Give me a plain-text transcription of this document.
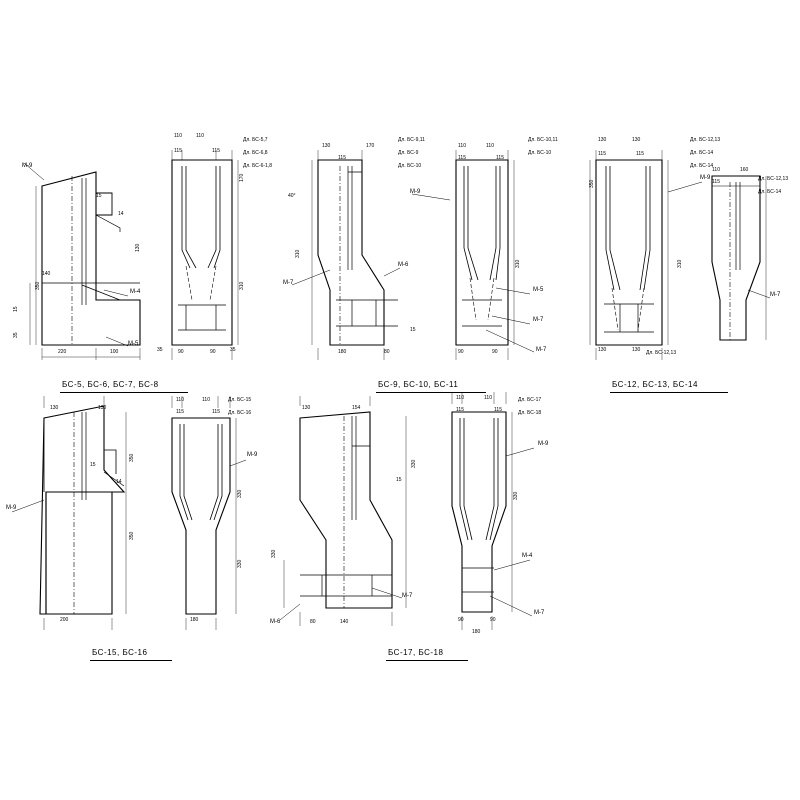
БС-5, БС-6, БС-7, БС-8	БС-9, БС-10, БС-11	БС-12, БС-13, БС-14
БС-15, БС-16	БС-17, БС-18
М-9
М-4
М-5
М-7
М-6
М-9
М-5
М-7
М-7
М-9
М-7
М-9
М-9
М-9
М-7
М-6
М-4
М-7
Дл. БС-5,7
Дл. БС-6,8
Дл. БС-6-1,8
Дл. БС-9,11
Дл. БС-9
Дл. БС-10
Дл. БС-10,11
Дл. БС-10
Дл. БС-12,13
Дл. БС-14
Дл. БС-14
Дл. БС-12,13
Дл. БС-14
Дл. БС-12,13
Дл. БС-15
Дл. БС-16
Дл. БС-17
Дл. БС-18
350
220	100
140
15
35
15
14
110	110
115	115
170
310
130
90	90
35	35
130	170
115
40°
310
180	80
15
110	110
115	115
310
90	90
130	130
115	115
350
310
130	130
110
115
160
130	130
350
350
15
14
200
110	110
115	115
330
330
180
130	154
330
15
330
80	140
110	110
115	115
330
90	90
180
